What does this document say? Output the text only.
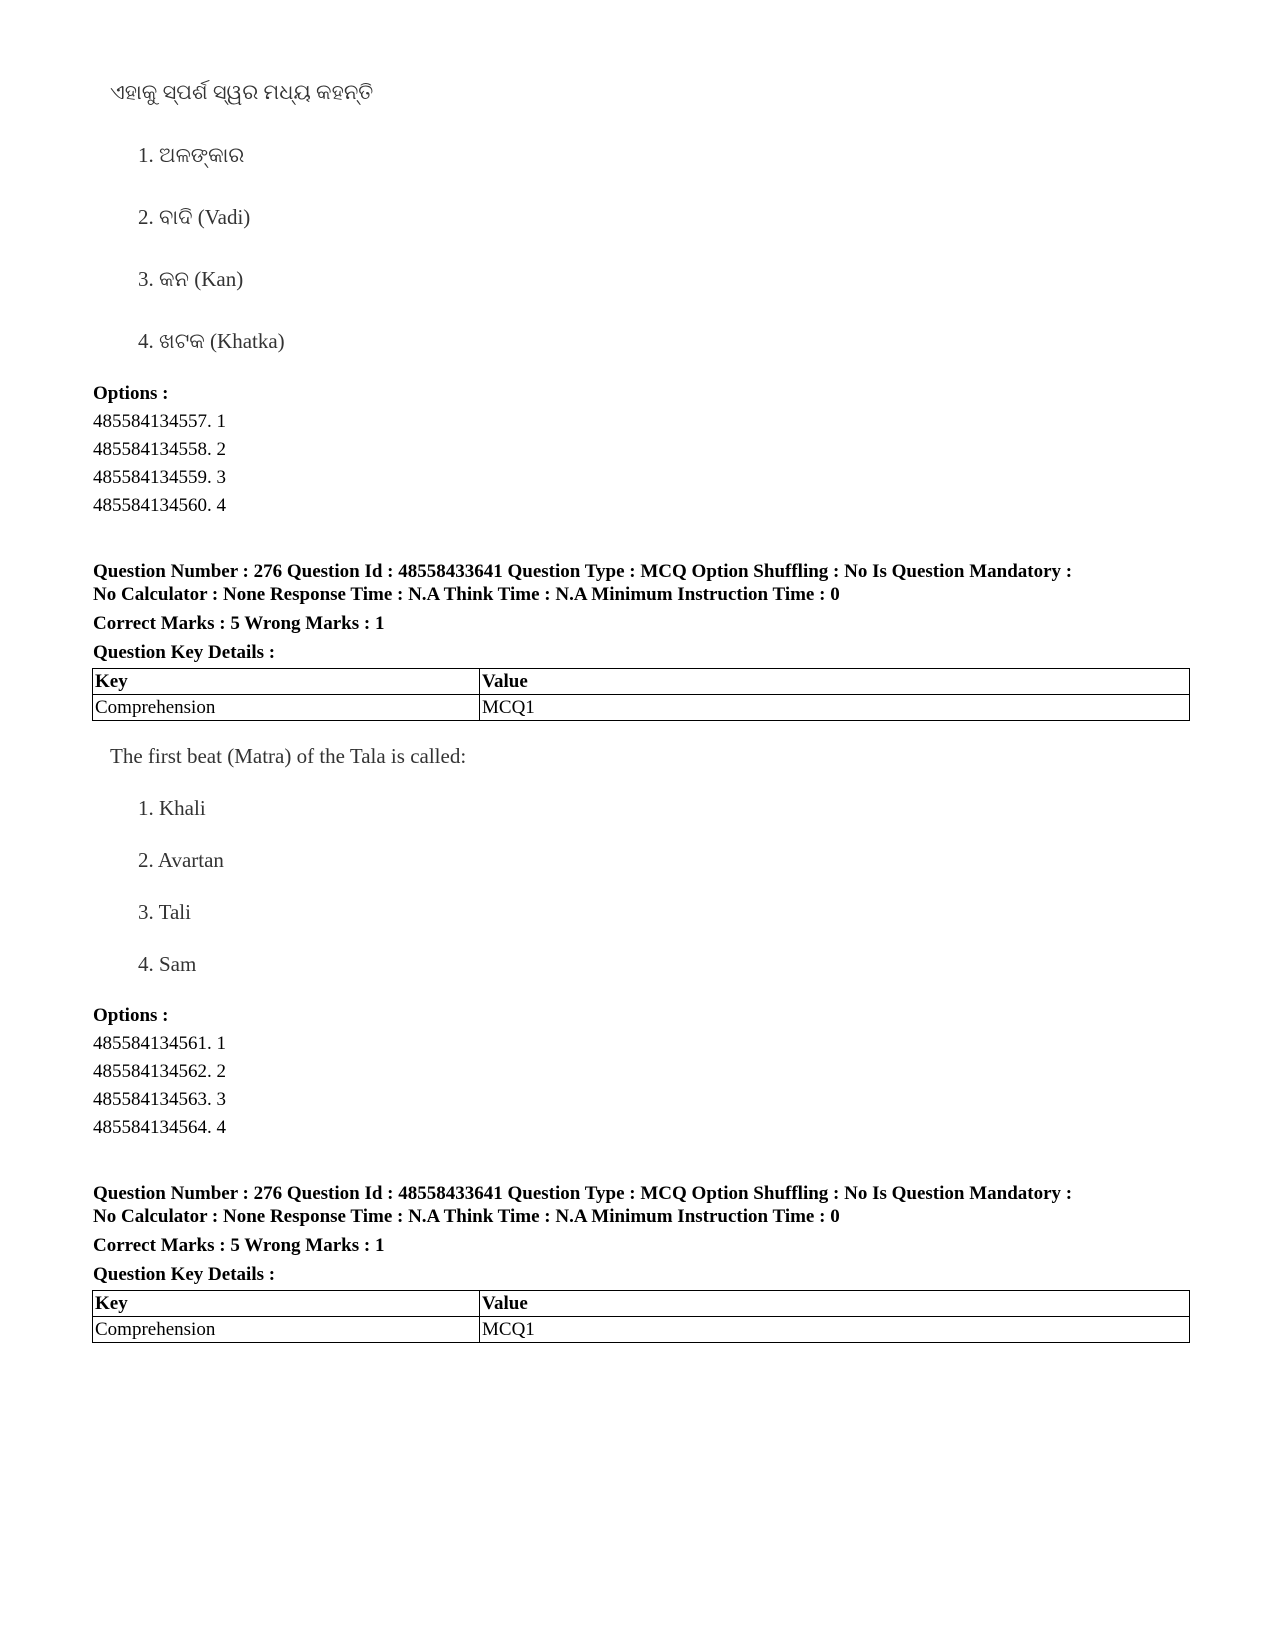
ଏହାକୁ ସ୍ପର୍ଶ ସ୍ୱର ମଧ୍ୟ କହନ୍ତି
1. ଅଳଙ୍କାର
2. ବାଦି (Vadi)
3. କନ (Kan)
4. ଖଟକ (Khatka)
Options :
485584134557. 1
485584134558. 2
485584134559. 3
485584134560. 4
Question Number : 276 Question Id : 48558433641 Question Type : MCQ Option Shuffling : No Is Question Mandatory :
No Calculator : None Response Time : N.A Think Time : N.A Minimum Instruction Time : 0
Correct Marks : 5 Wrong Marks : 1
Question Key Details :
Key	Value
Comprehension	MCQ1
The first beat (Matra) of the Tala is called:
1. Khali
2. Avartan
3. Tali
4. Sam
Options :
485584134561. 1
485584134562. 2
485584134563. 3
485584134564. 4
Question Number : 276 Question Id : 48558433641 Question Type : MCQ Option Shuffling : No Is Question Mandatory :
No Calculator : None Response Time : N.A Think Time : N.A Minimum Instruction Time : 0
Correct Marks : 5 Wrong Marks : 1
Question Key Details :
Key	Value
Comprehension	MCQ1
